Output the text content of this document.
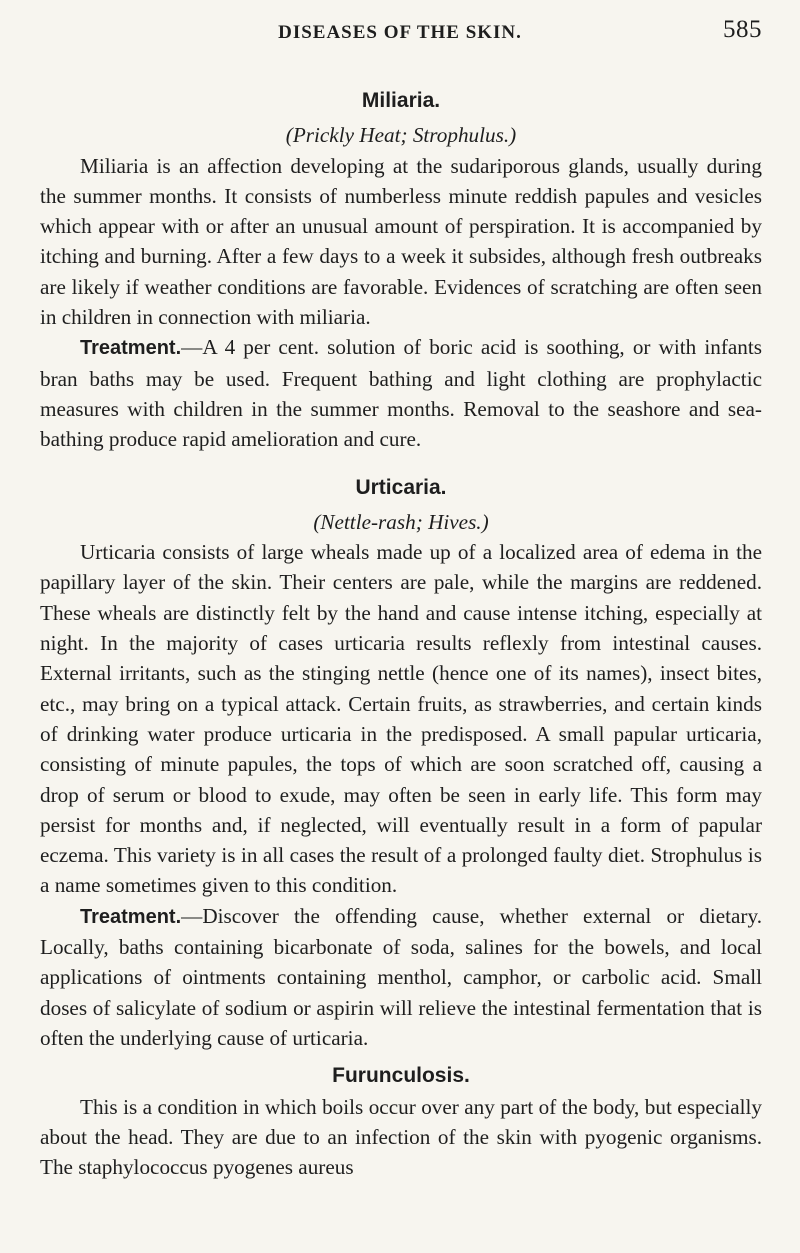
DISEASES OF THE SKIN.	585
Miliaria.
(Prickly Heat; Strophulus.)

Miliaria is an affection developing at the sudariporous glands, usually during the summer months. It consists of numberless minute reddish papules and vesicles which appear with or after an unusual amount of perspiration. It is accompanied by itching and burning. After a few days to a week it subsides, although fresh outbreaks are likely if weather conditions are favorable. Evidences of scratching are often seen in children in connection with miliaria.

Treatment.—A 4 per cent. solution of boric acid is soothing, or with infants bran baths may be used. Frequent bathing and light clothing are prophylactic measures with children in the summer months. Removal to the seashore and sea-bathing produce rapid amelioration and cure.

Urticaria.
(Nettle-rash; Hives.)

Urticaria consists of large wheals made up of a localized area of edema in the papillary layer of the skin. Their centers are pale, while the margins are reddened. These wheals are distinctly felt by the hand and cause intense itching, especially at night. In the majority of cases urticaria results reflexly from intestinal causes. External irritants, such as the stinging nettle (hence one of its names), insect bites, etc., may bring on a typical attack. Certain fruits, as strawberries, and certain kinds of drinking water produce urticaria in the predisposed. A small papular urticaria, consisting of minute papules, the tops of which are soon scratched off, causing a drop of serum or blood to exude, may often be seen in early life. This form may persist for months and, if neglected, will eventually result in a form of papular eczema. This variety is in all cases the result of a prolonged faulty diet. Strophulus is a name sometimes given to this condition.

Treatment.—Discover the offending cause, whether external or dietary. Locally, baths containing bicarbonate of soda, salines for the bowels, and local applications of ointments containing menthol, camphor, or carbolic acid. Small doses of salicylate of sodium or aspirin will relieve the intestinal fermentation that is often the underlying cause of urticaria.

Furunculosis.

This is a condition in which boils occur over any part of the body, but especially about the head. They are due to an infection of the skin with pyogenic organisms. The staphylococcus pyogenes aureus
